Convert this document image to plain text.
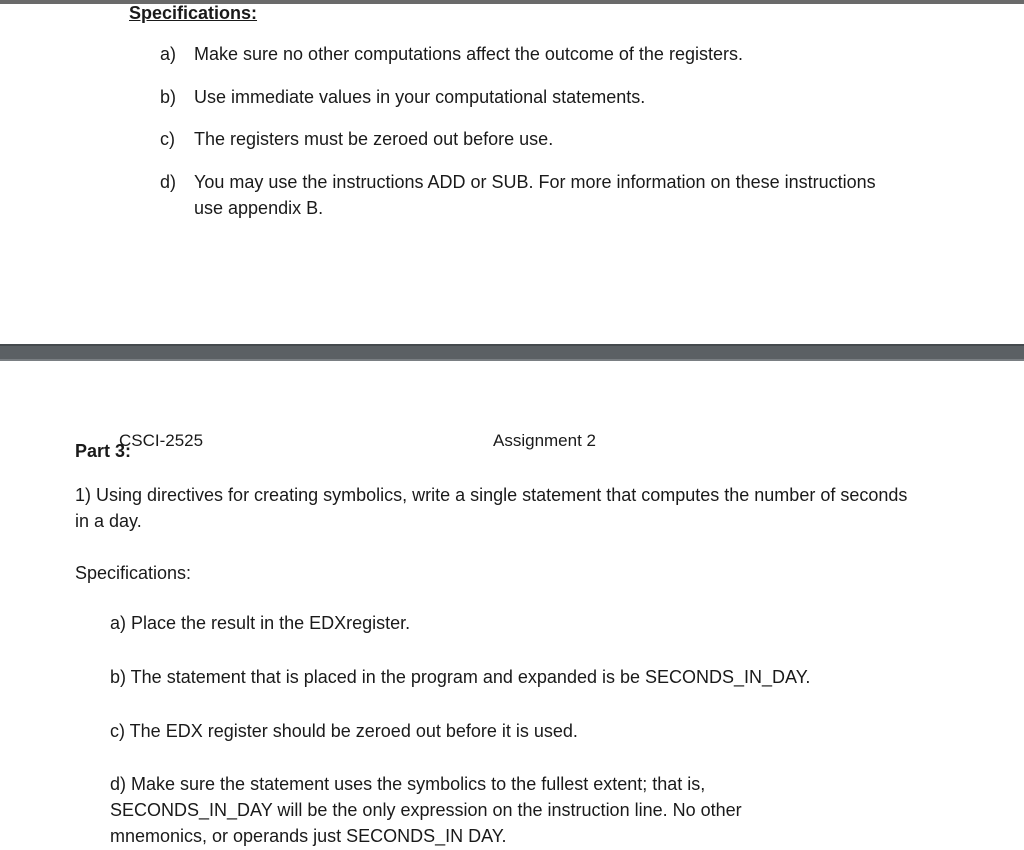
Specifications:
a) Make sure no other computations affect the outcome of the registers.
b) Use immediate values in your computational statements.
c) The registers must be zeroed out before use.
d) You may use the instructions ADD or SUB. For more information on these instructions
use appendix B.
Part 3:
CSCI-2525	Assignment 2
1) Using directives for creating symbolics, write a single statement that computes the number of seconds
in a day.
Specifications:
a) Place the result in the EDXregister.
b) The statement that is placed in the program and expanded is be SECONDS_IN_DAY.
c) The EDX register should be zeroed out before it is used.
d) Make sure the statement uses the symbolics to the fullest extent; that is,
SECONDS_IN_DAY will be the only expression on the instruction line. No other
mnemonics, or operands just SECONDS_IN DAY.
